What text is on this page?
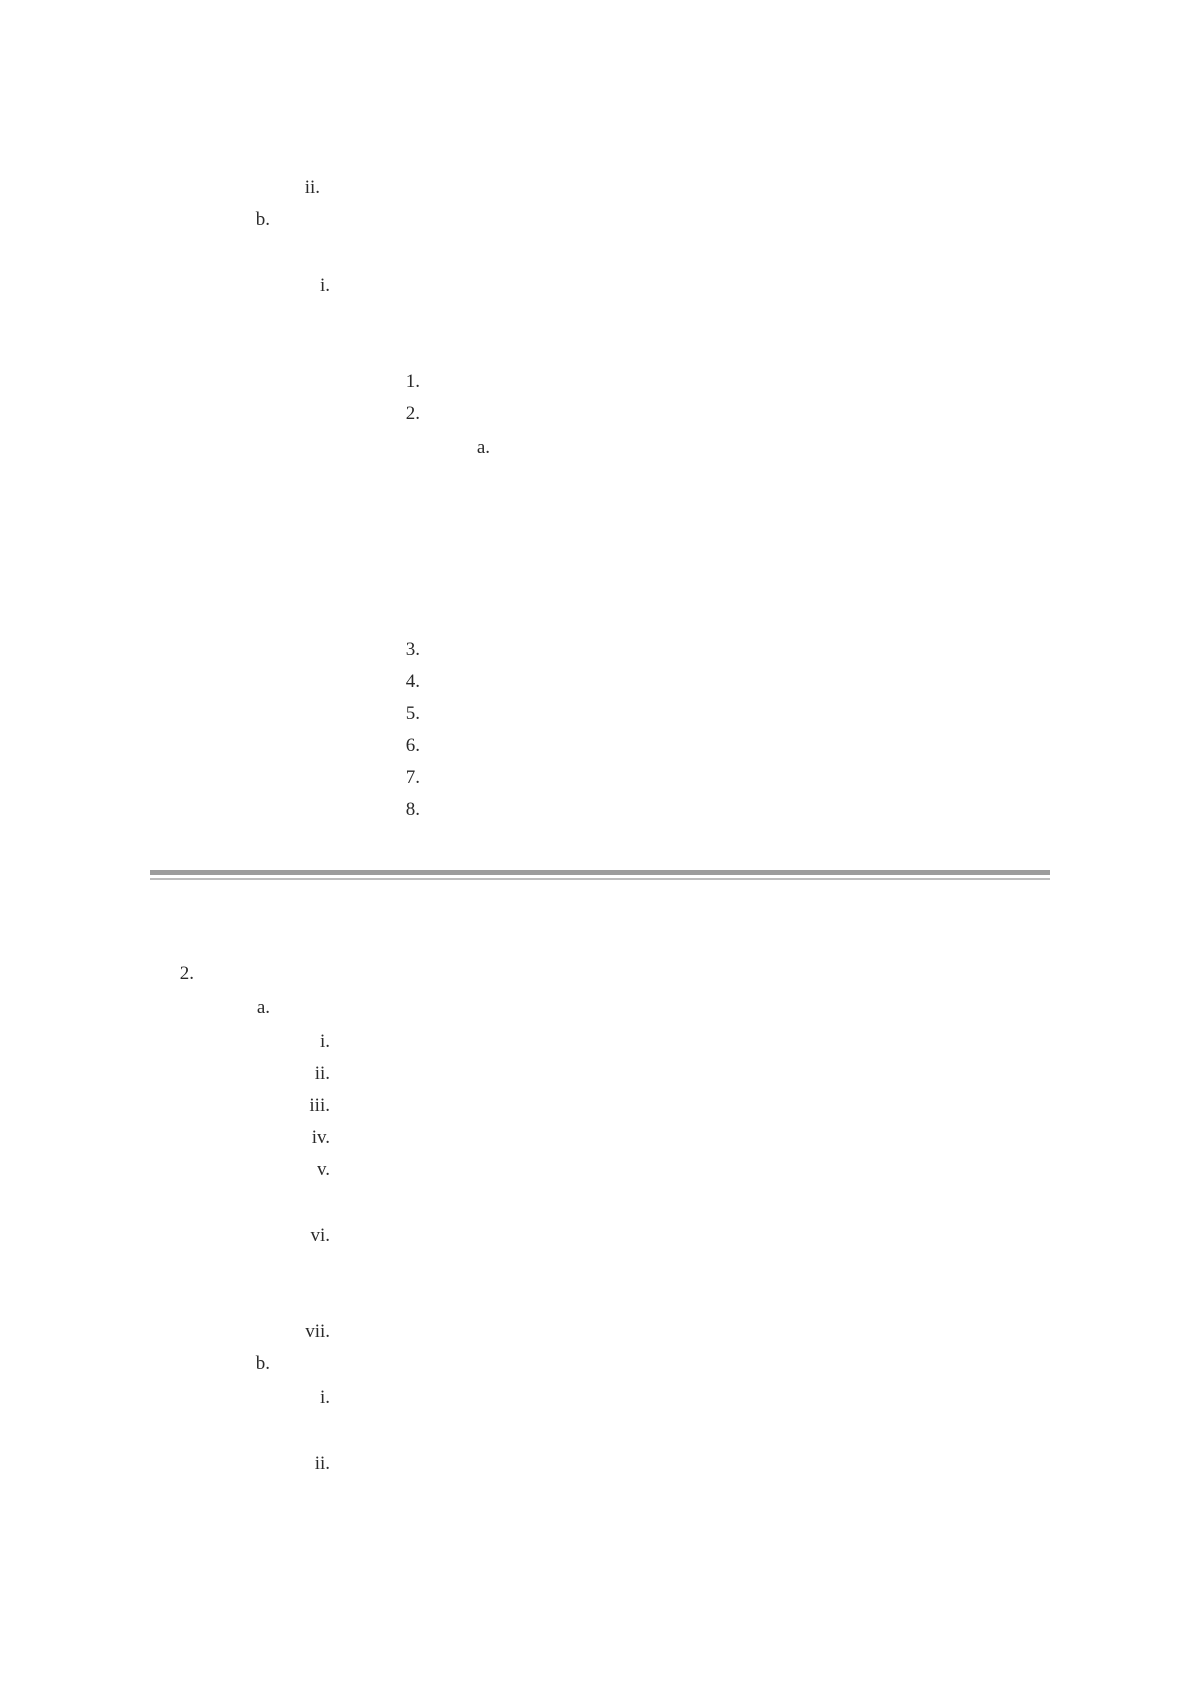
ii.
b.
i.
1.
2.
a.
3.
4.
5.
6.
7.
8.
2.
a.
i.
ii.
iii.
iv.
v.
vi.
vii.
b.
i.
ii.
